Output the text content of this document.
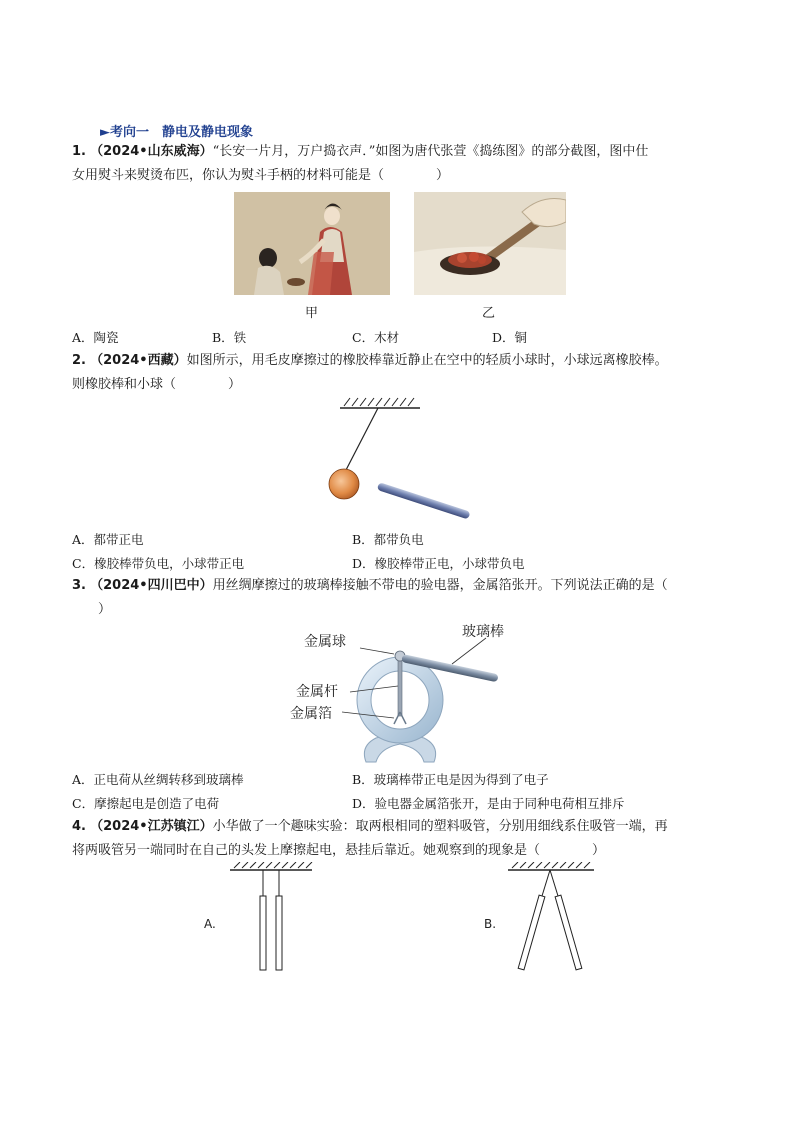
►考向一　静电及静电现象
1. （2024•山东威海）“长安一片月，万户捣衣声．”如图为唐代张萱《捣练图》的部分截图，图中仕
女用熨斗来熨烫布匹，你认为熨斗手柄的材料可能是（　　　　）
甲	乙
A．陶瓷	B．铁	C．木材	D．铜
2. （2024•西藏）如图所示，用毛皮摩擦过的橡胶棒靠近静止在空中的轻质小球时，小球远离橡胶棒。
则橡胶棒和小球（　　　　）
A．都带正电	B．都带负电
C．橡胶棒带负电，小球带正电	D．橡胶棒带正电，小球带负电
3. （2024•四川巴中）用丝绸摩擦过的玻璃棒接触不带电的验电器，金属箔张开。下列说法正确的是（
）
金属球
玻璃棒
金属杆
金属箔
A．正电荷从丝绸转移到玻璃棒	B．玻璃棒带正电是因为得到了电子
C．摩擦起电是创造了电荷	D．验电器金属箔张开，是由于同种电荷相互排斥
4. （2024•江苏镇江）小华做了一个趣味实验：取两根相同的塑料吸管，分别用细线系住吸管一端，再
将两吸管另一端同时在自己的头发上摩擦起电，悬挂后靠近。她观察到的现象是（　　　　）
A.	B.
